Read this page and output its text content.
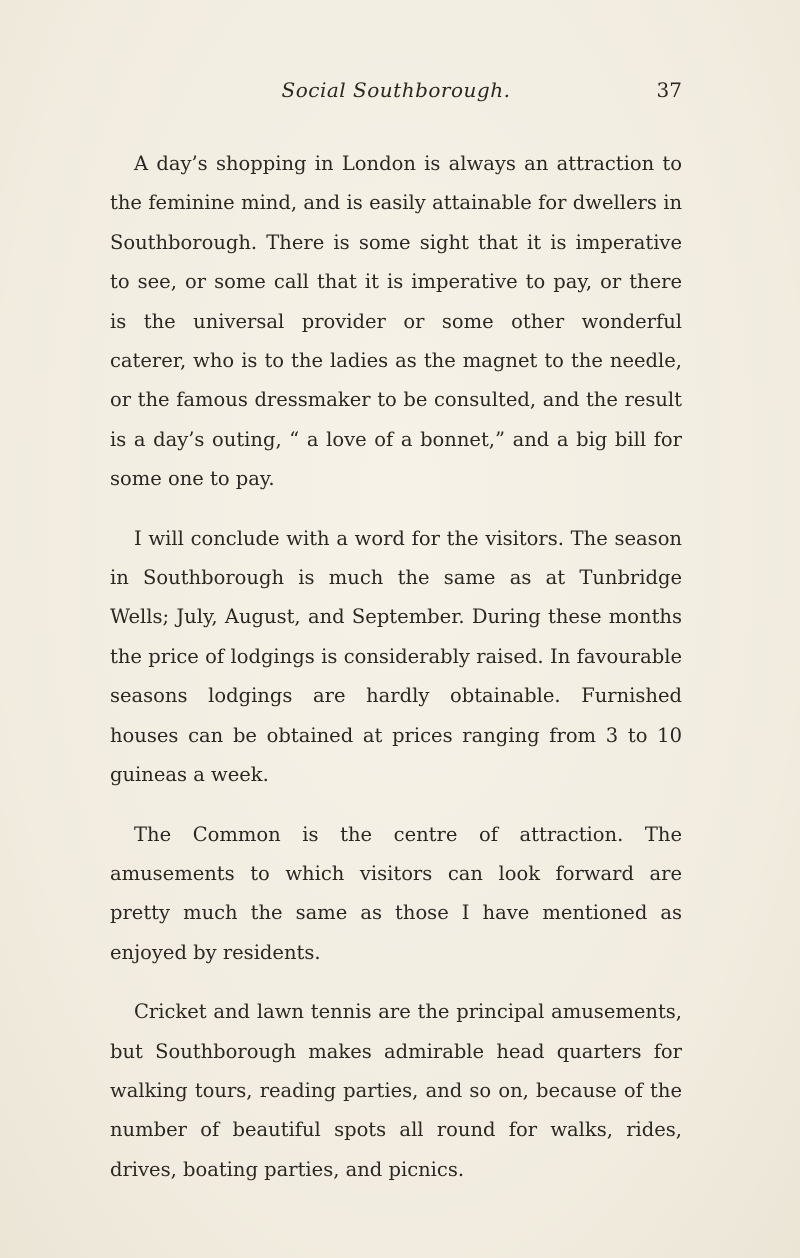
Social Southborough.	37

A day’s shopping in London is always an attraction to the feminine mind, and is easily attainable for dwellers in Southborough. There is some sight that it is imperative to see, or some call that it is imperative to pay, or there is the universal provider or some other wonderful caterer, who is to the ladies as the magnet to the needle, or the famous dressmaker to be consulted, and the result is a day’s outing, “ a love of a bonnet,” and a big bill for some one to pay.

I will conclude with a word for the visitors. The season in Southborough is much the same as at Tunbridge Wells; July, August, and September. During these months the price of lodgings is considerably raised. In favourable seasons lodgings are hardly obtainable. Furnished houses can be obtained at prices ranging from 3 to 10 guineas a week.

The Common is the centre of attraction. The amusements to which visitors can look forward are pretty much the same as those I have mentioned as enjoyed by residents.

Cricket and lawn tennis are the principal amusements, but Southborough makes admirable head quarters for walking tours, reading parties, and so on, because of the number of beautiful spots all round for walks, rides, drives, boating parties, and picnics.
